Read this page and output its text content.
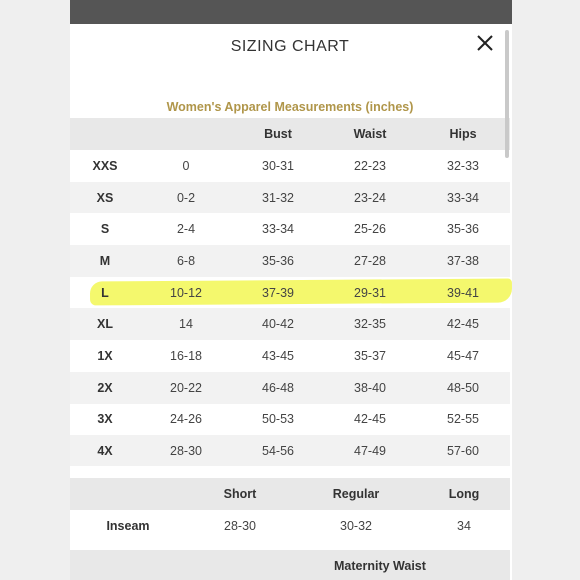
SIZING CHART
Women's Apparel Measurements (inches)
		Bust	Waist	Hips
XXS	0	30-31	22-23	32-33
XS	0-2	31-32	23-24	33-34
S	2-4	33-34	25-26	35-36
M	6-8	35-36	27-28	37-38
L	10-12	37-39	29-31	39-41
XL	14	40-42	32-35	42-45
1X	16-18	43-45	35-37	45-47
2X	20-22	46-48	38-40	48-50
3X	24-26	50-53	42-45	52-55
4X	28-30	54-56	47-49	57-60
	Short	Regular	Long
Inseam	28-30	30-32	34
	Maternity Waist
